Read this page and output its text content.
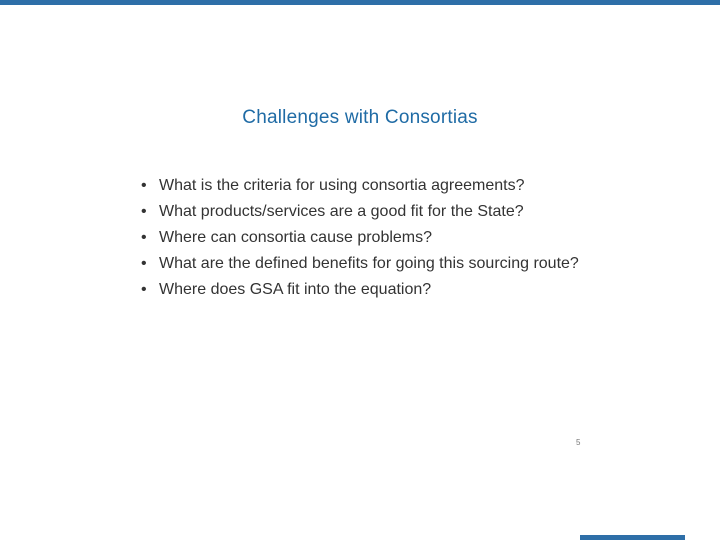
Challenges with Consortias
• What is the criteria for using consortia agreements?
• What products/services are a good fit for the State?
• Where can consortia cause problems?
• What are the defined benefits for going this sourcing route?
• Where does GSA fit into the equation?
5
